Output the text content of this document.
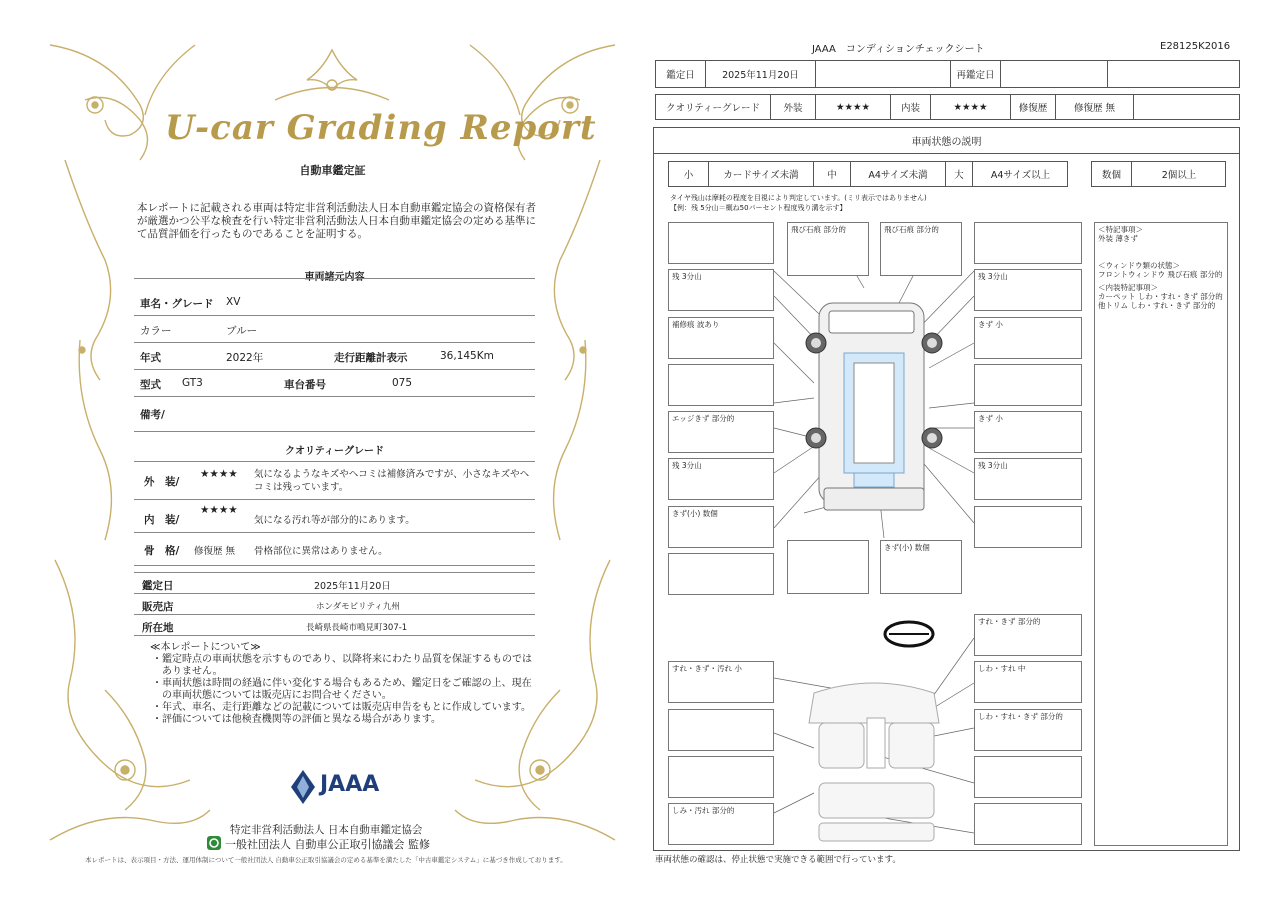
U-car Grading Report
自動車鑑定証
本レポートに記載される車両は特定非営利活動法人日本自動車鑑定協会の資格保有者が厳選かつ公平な検査を行い特定非営利活動法人日本自動車鑑定協会の定める基準にて品質評価を行ったものであることを証明する。
車両諸元内容
車名・グレード XV
カラー	ブルー
年式	2022年	走行距離計表示	36,145Km
型式 GT3	車台番号	075
備考/
クオリティーグレード
外　装/
★★★★ 気になるようなキズやヘコミは補修済みですが、小さなキズやヘコミは残っています。
内　装/
★★★★
気になる汚れ等が部分的にあります。
骨　格/ 修復歴 無 骨格部位に異常はありません。
鑑定日	2025年11月20日
販売店	ホンダモビリティ九州
所在地	長崎県長崎市鳴見町307-1
≪本レポートについて≫
・鑑定時点の車両状態を示すものであり、以降将来にわたり品質を保証するものではありません。
・車両状態は時間の経過に伴い変化する場合もあるため、鑑定日をご確認の上、現在の車両状態については販売店にお問合せください。
・年式、車名、走行距離などの記載については販売店申告をもとに作成しています。
・評価については他検査機関等の評価と異なる場合があります。
JAAA
特定非営利活動法人 日本自動車鑑定協会
一般社団法人 自動車公正取引協議会 監修
本レポートは、表示項目・方法、運用体制について一般社団法人 自動車公正取引協議会の定める基準を満たした「中古車鑑定システム」に基づき作成しております。
JAAA　コンディションチェックシート	E28125K2016
鑑定日	2025年11月20日	再鑑定日
クオリティーグレード	外装	★★★★	内装	★★★★	修復歴	修復歴 無
車両状態の説明
小	カードサイズ未満	中	A4サイズ未満	大	A4サイズ以上	数個	2個以上
タイヤ残山は摩耗の程度を目視により判定しています。(ミリ表示ではありません)
【例：残 5分山＝概ね50パーセント程度残り溝を示す】
残 3分山
補修痕 波あり
エッジきず 部分的
残 3分山
きず(小) 数個
飛び石痕 部分的	飛び石痕 部分的
きず(小) 数個
残 3分山
きず 小
きず 小
残 3分山
すれ・きず 部分的
すれ・きず・汚れ 小	しわ・すれ 中
しわ・すれ・きず 部分的
しみ・汚れ 部分的
＜特記事項＞
外装 薄きず
＜ウィンドウ類の状態＞
フロントウィンドウ 飛び石痕 部分的
＜内装特記事項＞
カーペット しわ・すれ・きず 部分的
他トリム しわ・すれ・きず 部分的
車両状態の確認は、停止状態で実施できる範囲で行っています。
